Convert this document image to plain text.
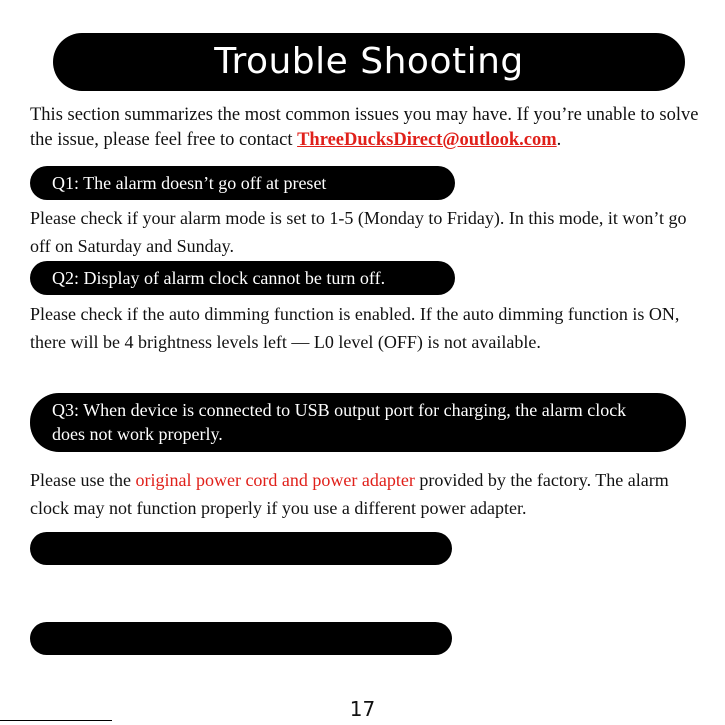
Trouble Shooting

This section summarizes the most common issues you may have. If you’re unable to solve the issue, please feel free to contact ThreeDucksDirect@outlook.com.

Q1: The alarm doesn’t go off at preset

Please check if your alarm mode is set to 1-5 (Monday to Friday). In this mode, it won’t go off on Saturday and Sunday.

Q2: Display of alarm clock cannot be turn off.

Please check if the auto dimming function is enabled. If the auto dimming function is ON, there will be 4 brightness levels left — L0 level (OFF) is not available.

Q3: When device is connected to USB output port for charging, the alarm clock does not work properly.

Please use the original power cord and power adapter provided by the factory. The alarm clock may not function properly if you use a different power adapter.

17
